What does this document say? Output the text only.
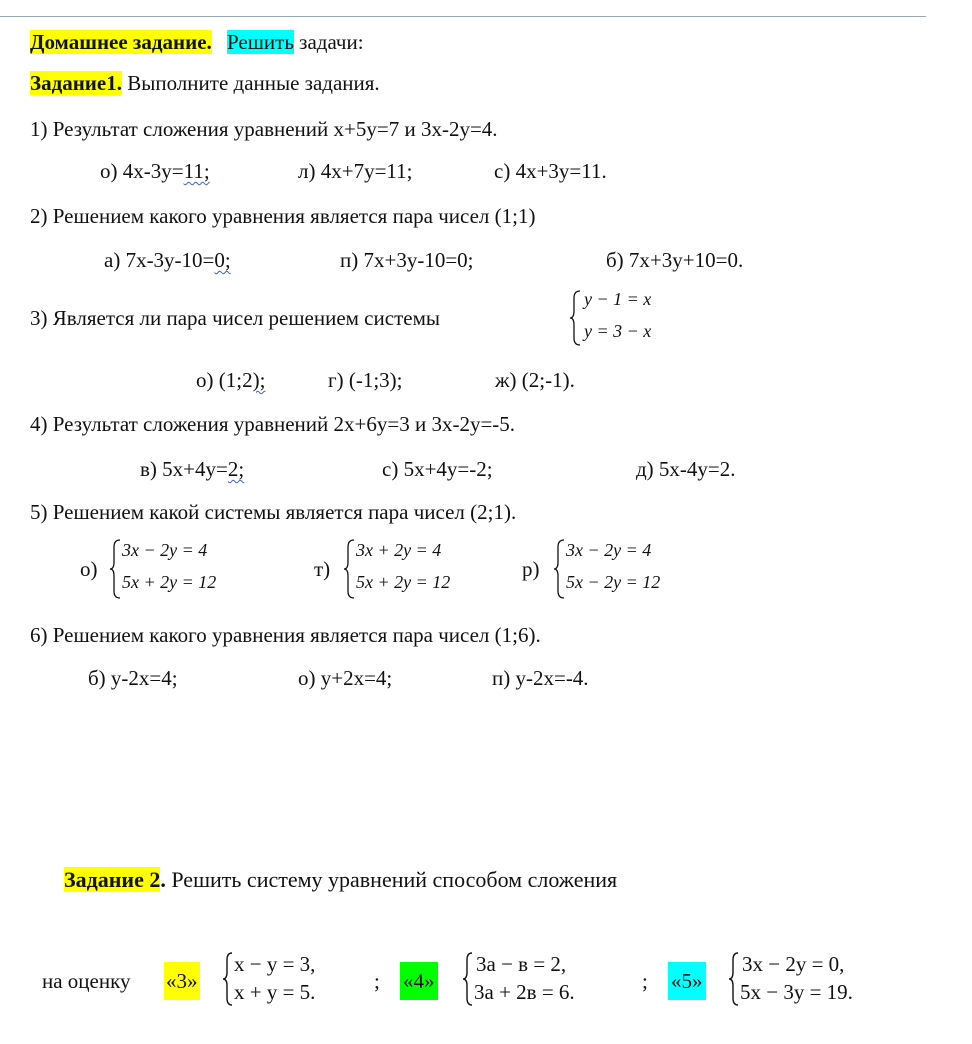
Домашнее задание. Решить задачи:
Задание1. Выполните данные задания.
1) Результат сложения уравнений х+5у=7 и 3х-2у=4.
о) 4х-3у=11;	л) 4х+7у=11;	с) 4х+3у=11.
2) Решением какого уравнения является пара чисел (1;1)
а) 7х-3у-10=0;	п) 7х+3у-10=0;	б) 7х+3у+10=0.
3) Является ли пара чисел решением системы
y − 1 = x
y = 3 − x
о) (1;2);	г) (-1;3);	ж) (2;-1).
4) Результат сложения уравнений 2х+6у=3 и 3х-2у=-5.
в) 5х+4у=2;	с) 5х+4у=-2;	д) 5х-4у=2.
5) Решением какой системы является пара чисел (2;1).
о)
3x − 2y = 4
5x + 2y = 12
т)
3x + 2y = 4
5x + 2y = 12
р)
3x − 2y = 4
5x − 2y = 12
6) Решением какого уравнения является пара чисел (1;6).
б) у-2х=4;	о) у+2х=4;	п) у-2х=-4.
Задание 2. Решить систему уравнений способом сложения
на оценку «3»
x − y = 3,
x + y = 5.	; «4»
3a − в = 2,
3a + 2в = 6.	; «5»
3x − 2y = 0,
5x − 3y = 19.
